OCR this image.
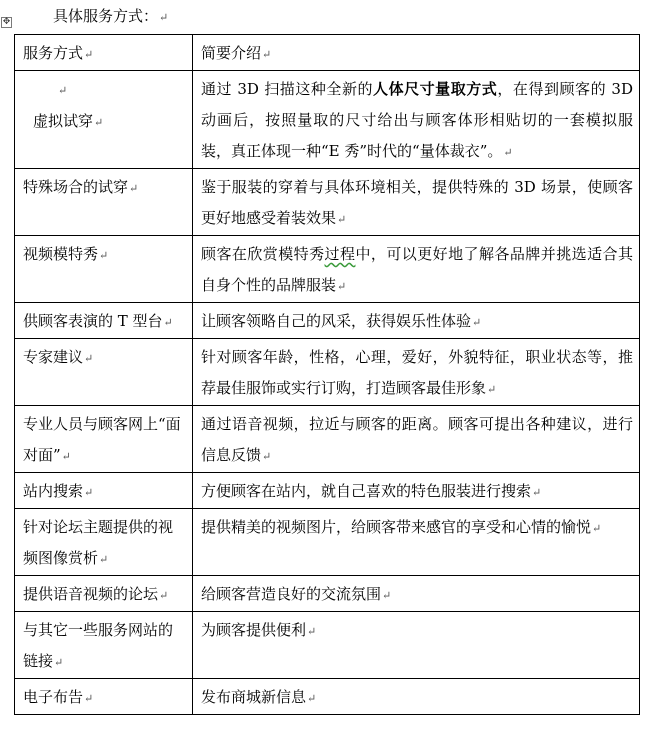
具体服务方式：↵
✥
服务方式↵	简要介绍↵

↵
虚拟试穿↵	通过 3D 扫描这种全新的人体尺寸量取方式，在得到顾客的 3D 动画后，按照量取的尺寸给出与顾客体形相贴切的一套模拟服装，真正体现一种“E 秀”时代的“量体裁衣”。↵
特殊场合的试穿↵	鉴于服装的穿着与具体环境相关，提供特殊的 3D 场景，使顾客更好地感受着装效果↵
视频模特秀↵	顾客在欣赏模特秀过程中，可以更好地了解各品牌并挑选适合其自身个性的品牌服装↵
供顾客表演的 T 型台↵	让顾客领略自己的风采，获得娱乐性体验↵
专家建议↵	针对顾客年龄，性格，心理，爱好，外貌特征，职业状态等，推荐最佳服饰或实行订购，打造顾客最佳形象↵
专业人员与顾客网上“面对面”↵	通过语音视频，拉近与顾客的距离。顾客可提出各种建议，进行信息反馈↵
站内搜索↵	方便顾客在站内，就自己喜欢的特色服装进行搜索↵
针对论坛主题提供的视频图像赏析↵	提供精美的视频图片，给顾客带来感官的享受和心情的愉悦↵
提供语音视频的论坛↵	给顾客营造良好的交流氛围↵
与其它一些服务网站的链接↵	为顾客提供便利↵
电子布告↵	发布商城新信息↵
